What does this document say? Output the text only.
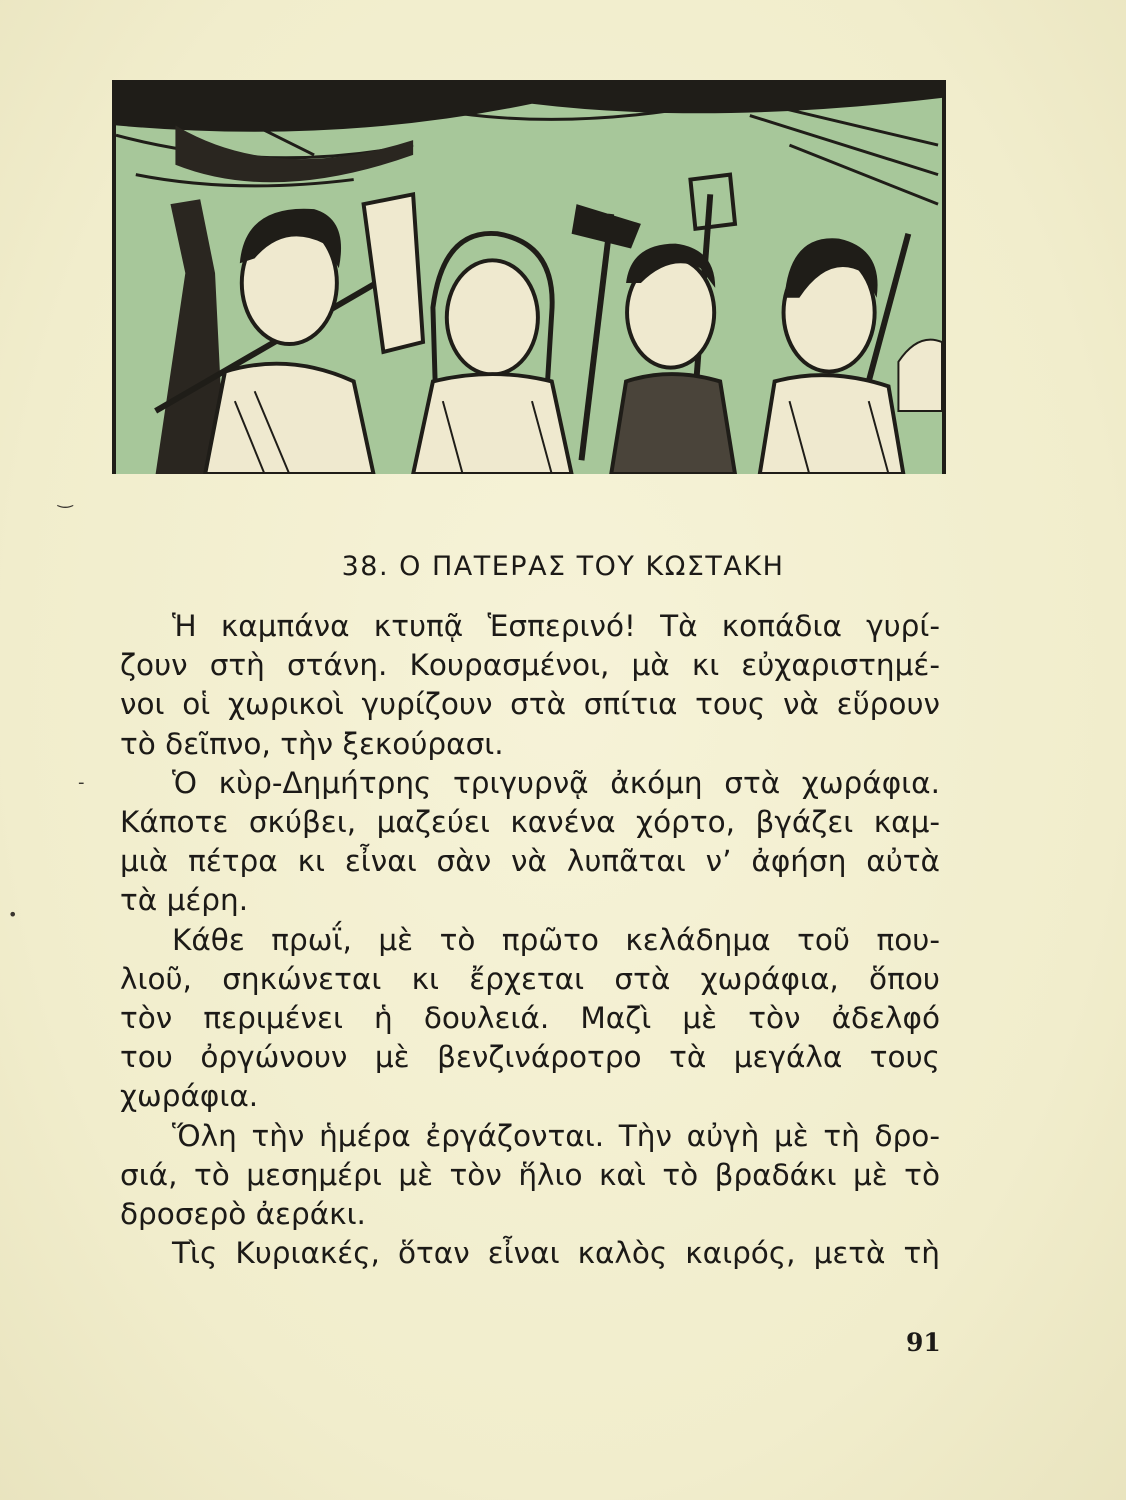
38. Ο ΠΑΤΕΡΑΣ ΤΟΥ ΚΩΣΤΑΚΗ
Ἡ καμπάνα κτυπᾷ Ἑσπερινό! Τὰ κοπάδια γυρί-
ζουν στὴ στάνη. Κουρασμένοι, μὰ κι εὐχαριστημέ-
νοι οἱ χωρικοὶ γυρίζουν στὰ σπίτια τους νὰ εὕρουν
τὸ δεῖπνο, τὴν ξεκούρασι.
Ὁ κὺρ-Δημήτρης τριγυρνᾷ ἀκόμη στὰ χωράφια.
Κάποτε σκύβει, μαζεύει κανένα χόρτο, βγάζει καμ-
μιὰ πέτρα κι εἶναι σὰν νὰ λυπᾶται ν’ ἀφήση αὐτὰ
τὰ μέρη.
Κάθε πρωΐ, μὲ τὸ πρῶτο κελάδημα τοῦ που-
λιοῦ, σηκώνεται κι ἔρχεται στὰ χωράφια, ὅπου
τὸν περιμένει ἡ δουλειά. Μαζὶ μὲ τὸν ἀδελφό
του ὀργώνουν μὲ βενζινάροτρο τὰ μεγάλα τους
χωράφια.
Ὅλη τὴν ἡμέρα ἐργάζονται. Τὴν αὐγὴ μὲ τὴ δρο-
σιά, τὸ μεσημέρι μὲ τὸν ἥλιο καὶ τὸ βραδάκι μὲ τὸ
δροσερὸ ἀεράκι.
Τὶς Κυριακές, ὅταν εἶναι καλὸς καιρός, μετὰ τὴ
91
‿
-
•
